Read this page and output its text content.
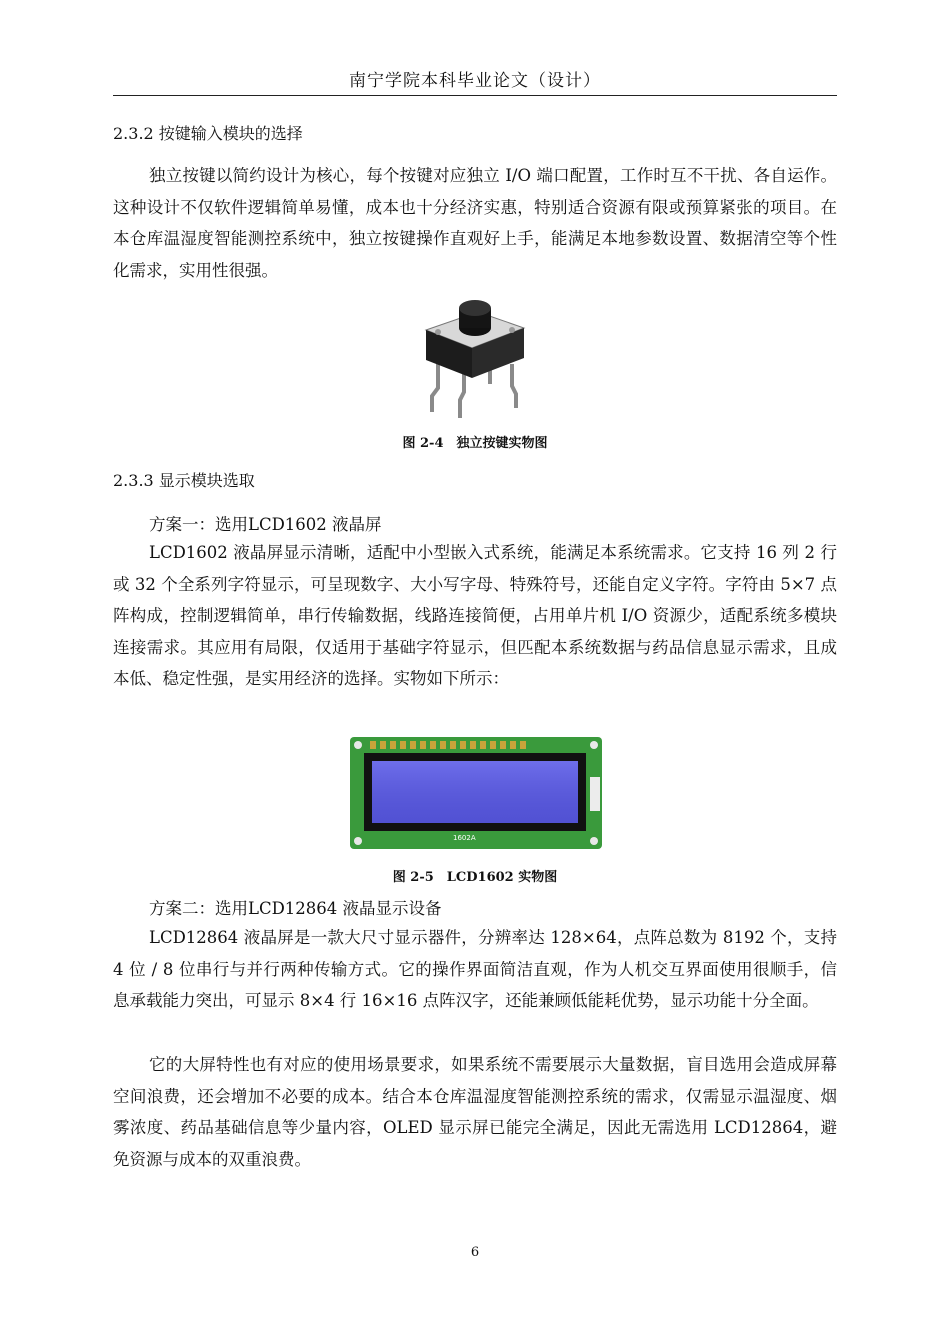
南宁学院本科毕业论文（设计）
2.3.2 按键输入模块的选择

独立按键以简约设计为核心，每个按键对应独立 I/O 端口配置，工作时互不干扰、各自运作。这种设计不仅软件逻辑简单易懂，成本也十分经济实惠，特别适合资源有限或预算紧张的项目。在本仓库温湿度智能测控系统中，独立按键操作直观好上手，能满足本地参数设置、数据清空等个性化需求，实用性很强。

图 2-4　独立按键实物图
2.3.3 显示模块选取
方案一：选用LCD1602 液晶屏

LCD1602 液晶屏显示清晰，适配中小型嵌入式系统，能满足本系统需求。它支持 16 列 2 行或 32 个全系列字符显示，可呈现数字、大小写字母、特殊符号，还能自定义字符。字符由 5×7 点阵构成，控制逻辑简单，串行传输数据，线路连接简便，占用单片机 I/O 资源少，适配系统多模块连接需求。其应用有局限，仅适用于基础字符显示，但匹配本系统数据与药品信息显示需求，且成本低、稳定性强，是实用经济的选择。实物如下所示：

1602A
图 2-5　LCD1602 实物图
方案二：选用LCD12864 液晶显示设备

LCD12864 液晶屏是一款大尺寸显示器件，分辨率达 128×64，点阵总数为 8192 个，支持 4 位 / 8 位串行与并行两种传输方式。它的操作界面简洁直观，作为人机交互界面使用很顺手，信息承载能力突出，可显示 8×4 行 16×16 点阵汉字，还能兼顾低能耗优势，显示功能十分全面。

它的大屏特性也有对应的使用场景要求，如果系统不需要展示大量数据，盲目选用会造成屏幕空间浪费，还会增加不必要的成本。结合本仓库温湿度智能测控系统的需求，仅需显示温湿度、烟雾浓度、药品基础信息等少量内容，OLED 显示屏已能完全满足，因此无需选用 LCD12864，避免资源与成本的双重浪费。

6
